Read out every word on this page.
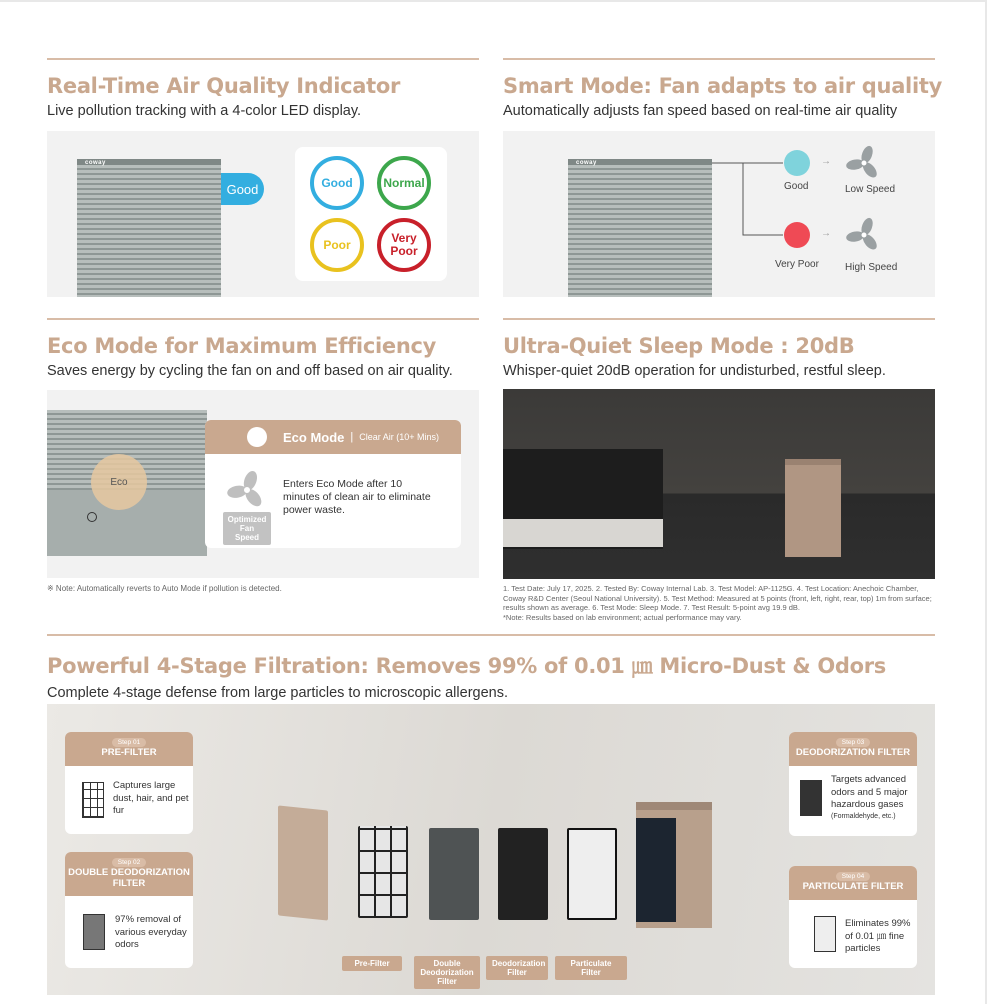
Real-Time Air Quality Indicator

Live pollution tracking with a 4-color LED display.

coway
Good	Good	Normal
Poor	Very Poor
Smart Mode: Fan adapts to air quality

Automatically adjusts fan speed based on real-time air quality

coway
Good
→
Low Speed
Very Poor
→
High Speed
Eco Mode for Maximum Efficiency

Saves energy by cycling the fan on and off based on air quality.

Eco
Eco Mode | Clear Air (10+ Mins)
Optimized Fan Speed
Enters Eco Mode after 10 minutes of clean air to eliminate power waste.
※ Note: Automatically reverts to Auto Mode if pollution is detected.
Ultra-Quiet Sleep Mode : 20dB

Whisper-quiet 20dB operation for undisturbed, restful sleep.

1. Test Date: July 17, 2025. 2. Tested By: Coway Internal Lab. 3. Test Model: AP-1125G. 4. Test Location: Anechoic Chamber, Coway R&D Center (Seoul National University). 5. Test Method: Measured at 5 points (front, left, right, rear, top) 1m from surface; results shown as average. 6. Test Mode: Sleep Mode. 7. Test Result: 5-point avg 19.9 dB.
*Note: Results based on lab environment; actual performance may vary.
Powerful 4-Stage Filtration: Removes 99% of 0.01 ㎛ Micro-Dust & Odors

Complete 4-stage defense from large particles to microscopic allergens.

Step 01
PRE-FILTER
Captures large dust, hair, and pet fur
Step 02
DOUBLE DEODORIZATION FILTER
97% removal of various everyday odors
Step 03
DEODORIZATION FILTER
Targets advanced odors and 5 major hazardous gases
(Formaldehyde, etc.)
Step 04
PARTICULATE FILTER
Eliminates 99% of 0.01 ㎛ fine particles
Pre-Filter	Double Deodorization Filter
Deodorization Filter
Particulate Filter
